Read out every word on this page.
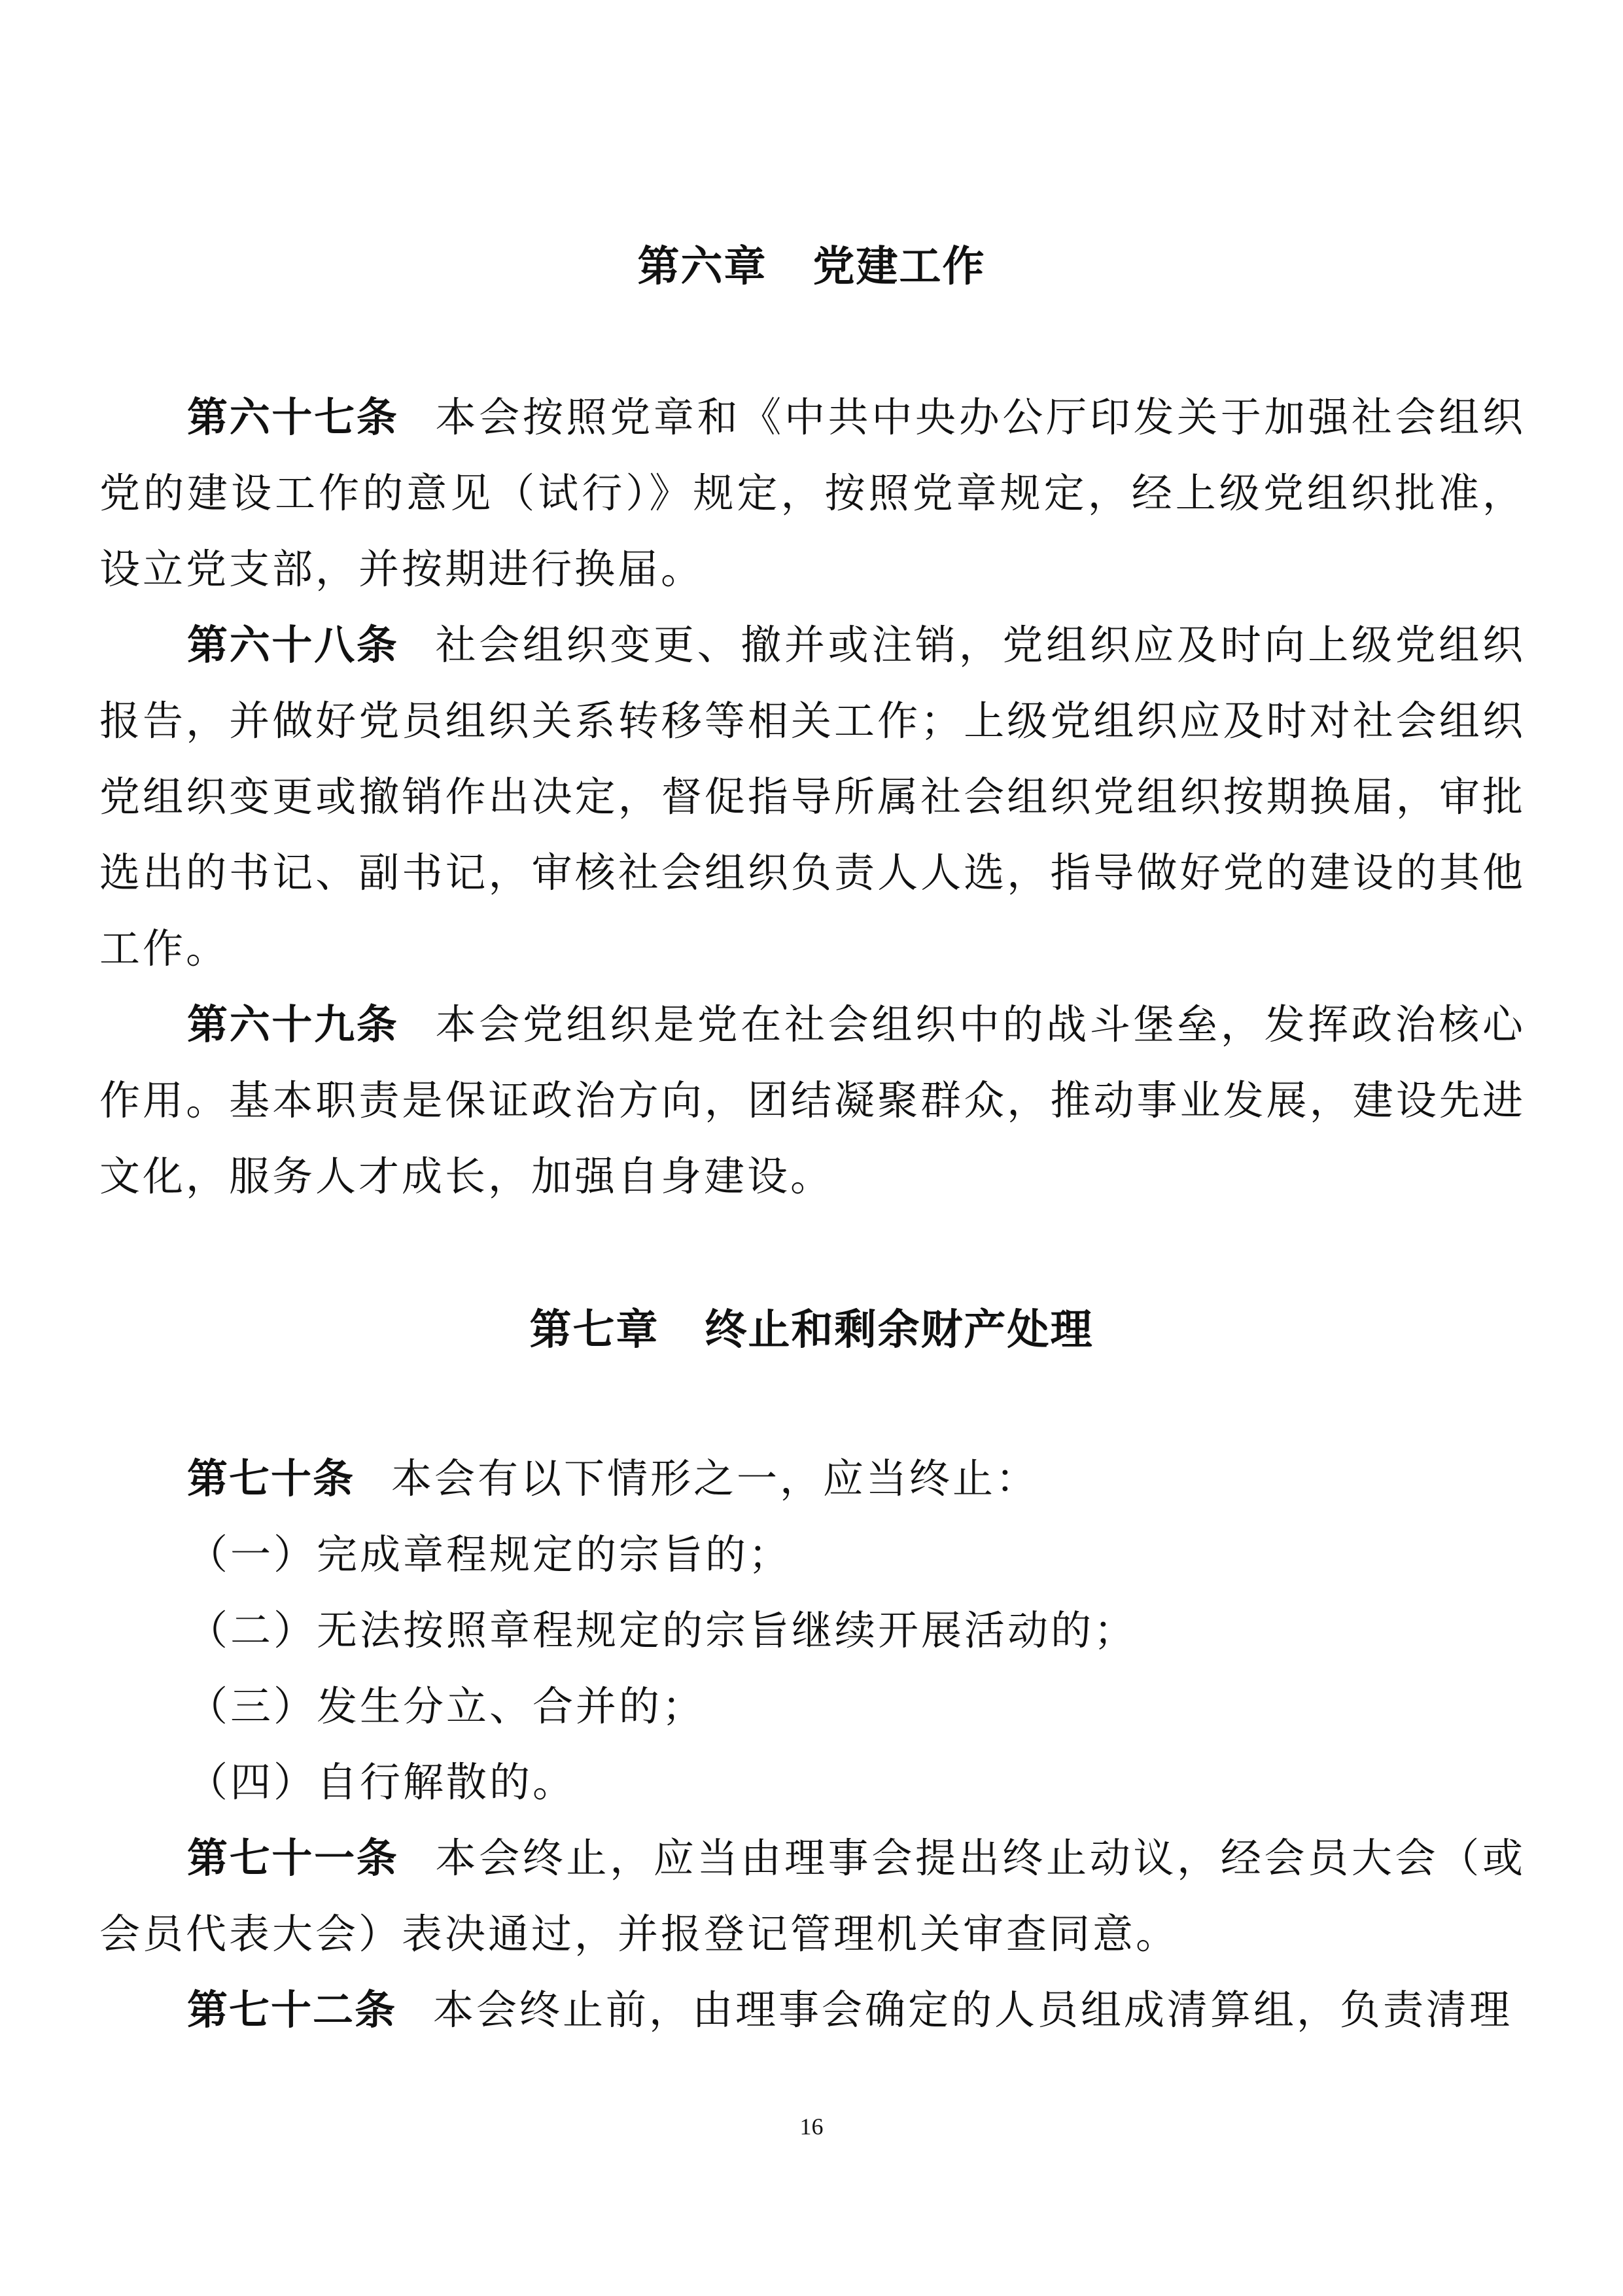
第六章 党建工作

第六十七条 本会按照党章和《中共中央办公厅印发关于加强社会组织党的建设工作的意见（试行）》规定，按照党章规定，经上级党组织批准，设立党支部，并按期进行换届。

第六十八条 社会组织变更、撤并或注销，党组织应及时向上级党组织报告，并做好党员组织关系转移等相关工作；上级党组织应及时对社会组织党组织变更或撤销作出决定，督促指导所属社会组织党组织按期换届，审批选出的书记、副书记，审核社会组织负责人人选，指导做好党的建设的其他工作。

第六十九条 本会党组织是党在社会组织中的战斗堡垒，发挥政治核心作用。基本职责是保证政治方向，团结凝聚群众，推动事业发展，建设先进文化，服务人才成长，加强自身建设。

第七章 终止和剩余财产处理

第七十条 本会有以下情形之一，应当终止：

（一）完成章程规定的宗旨的；
（二）无法按照章程规定的宗旨继续开展活动的；
（三）发生分立、合并的；
（四）自行解散的。

第七十一条 本会终止，应当由理事会提出终止动议，经会员大会（或会员代表大会）表决通过，并报登记管理机关审查同意。

第七十二条 本会终止前，由理事会确定的人员组成清算组，负责清理

16
